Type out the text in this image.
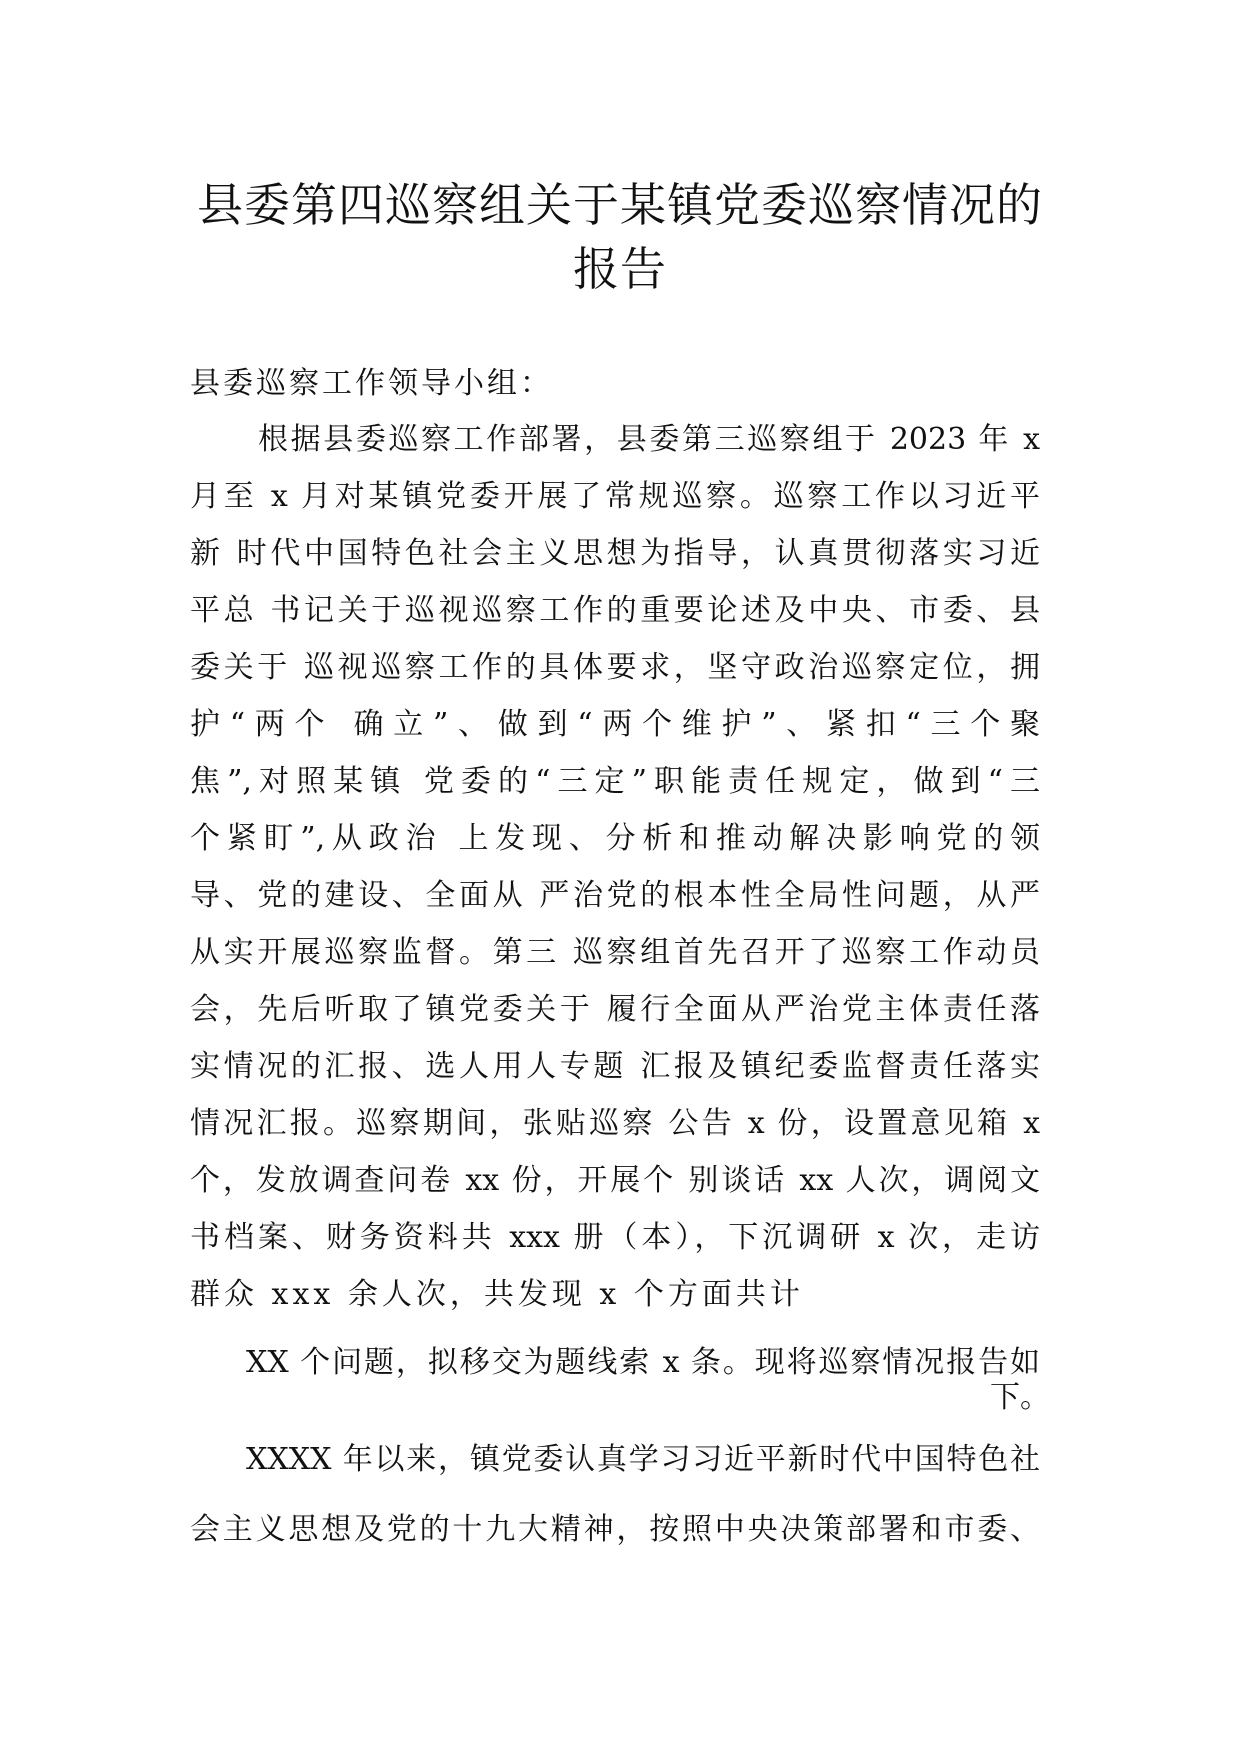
县委第四巡察组关于某镇党委巡察情况的
报告
县委巡察工作领导小组：
根据县委巡察工作部署，县委第三巡察组于 2023 年 x
月至 x 月对某镇党委开展了常规巡察。巡察工作以习近平
新 时代中国特色社会主义思想为指导，认真贯彻落实习近
平总 书记关于巡视巡察工作的重要论述及中央、市委、县
委关于 巡视巡察工作的具体要求，坚守政治巡察定位，拥
护“两个 确立”、做到“两个维护”、紧扣“三个聚
焦”,对照某镇 党委的“三定”职能责任规定，做到“三
个紧盯”,从政治 上发现、分析和推动解决影响党的领
导、党的建设、全面从 严治党的根本性全局性问题，从严
从实开展巡察监督。第三 巡察组首先召开了巡察工作动员
会，先后听取了镇党委关于 履行全面从严治党主体责任落
实情况的汇报、选人用人专题 汇报及镇纪委监督责任落实
情况汇报。巡察期间，张贴巡察 公告 x 份，设置意见箱 x
个，发放调查问卷 xx 份，开展个 别谈话 xx 人次，调阅文
书档案、财务资料共 xxx 册（本），下沉调研 x 次，走访
群众 xxx 余人次，共发现 x 个方面共计
XX 个问题，拟移交为题线索 x 条。现将巡察情况报告如
下。
XXXX 年以来，镇党委认真学习习近平新时代中国特色社
会主义思想及党的十九大精神，按照中央决策部署和市委、
